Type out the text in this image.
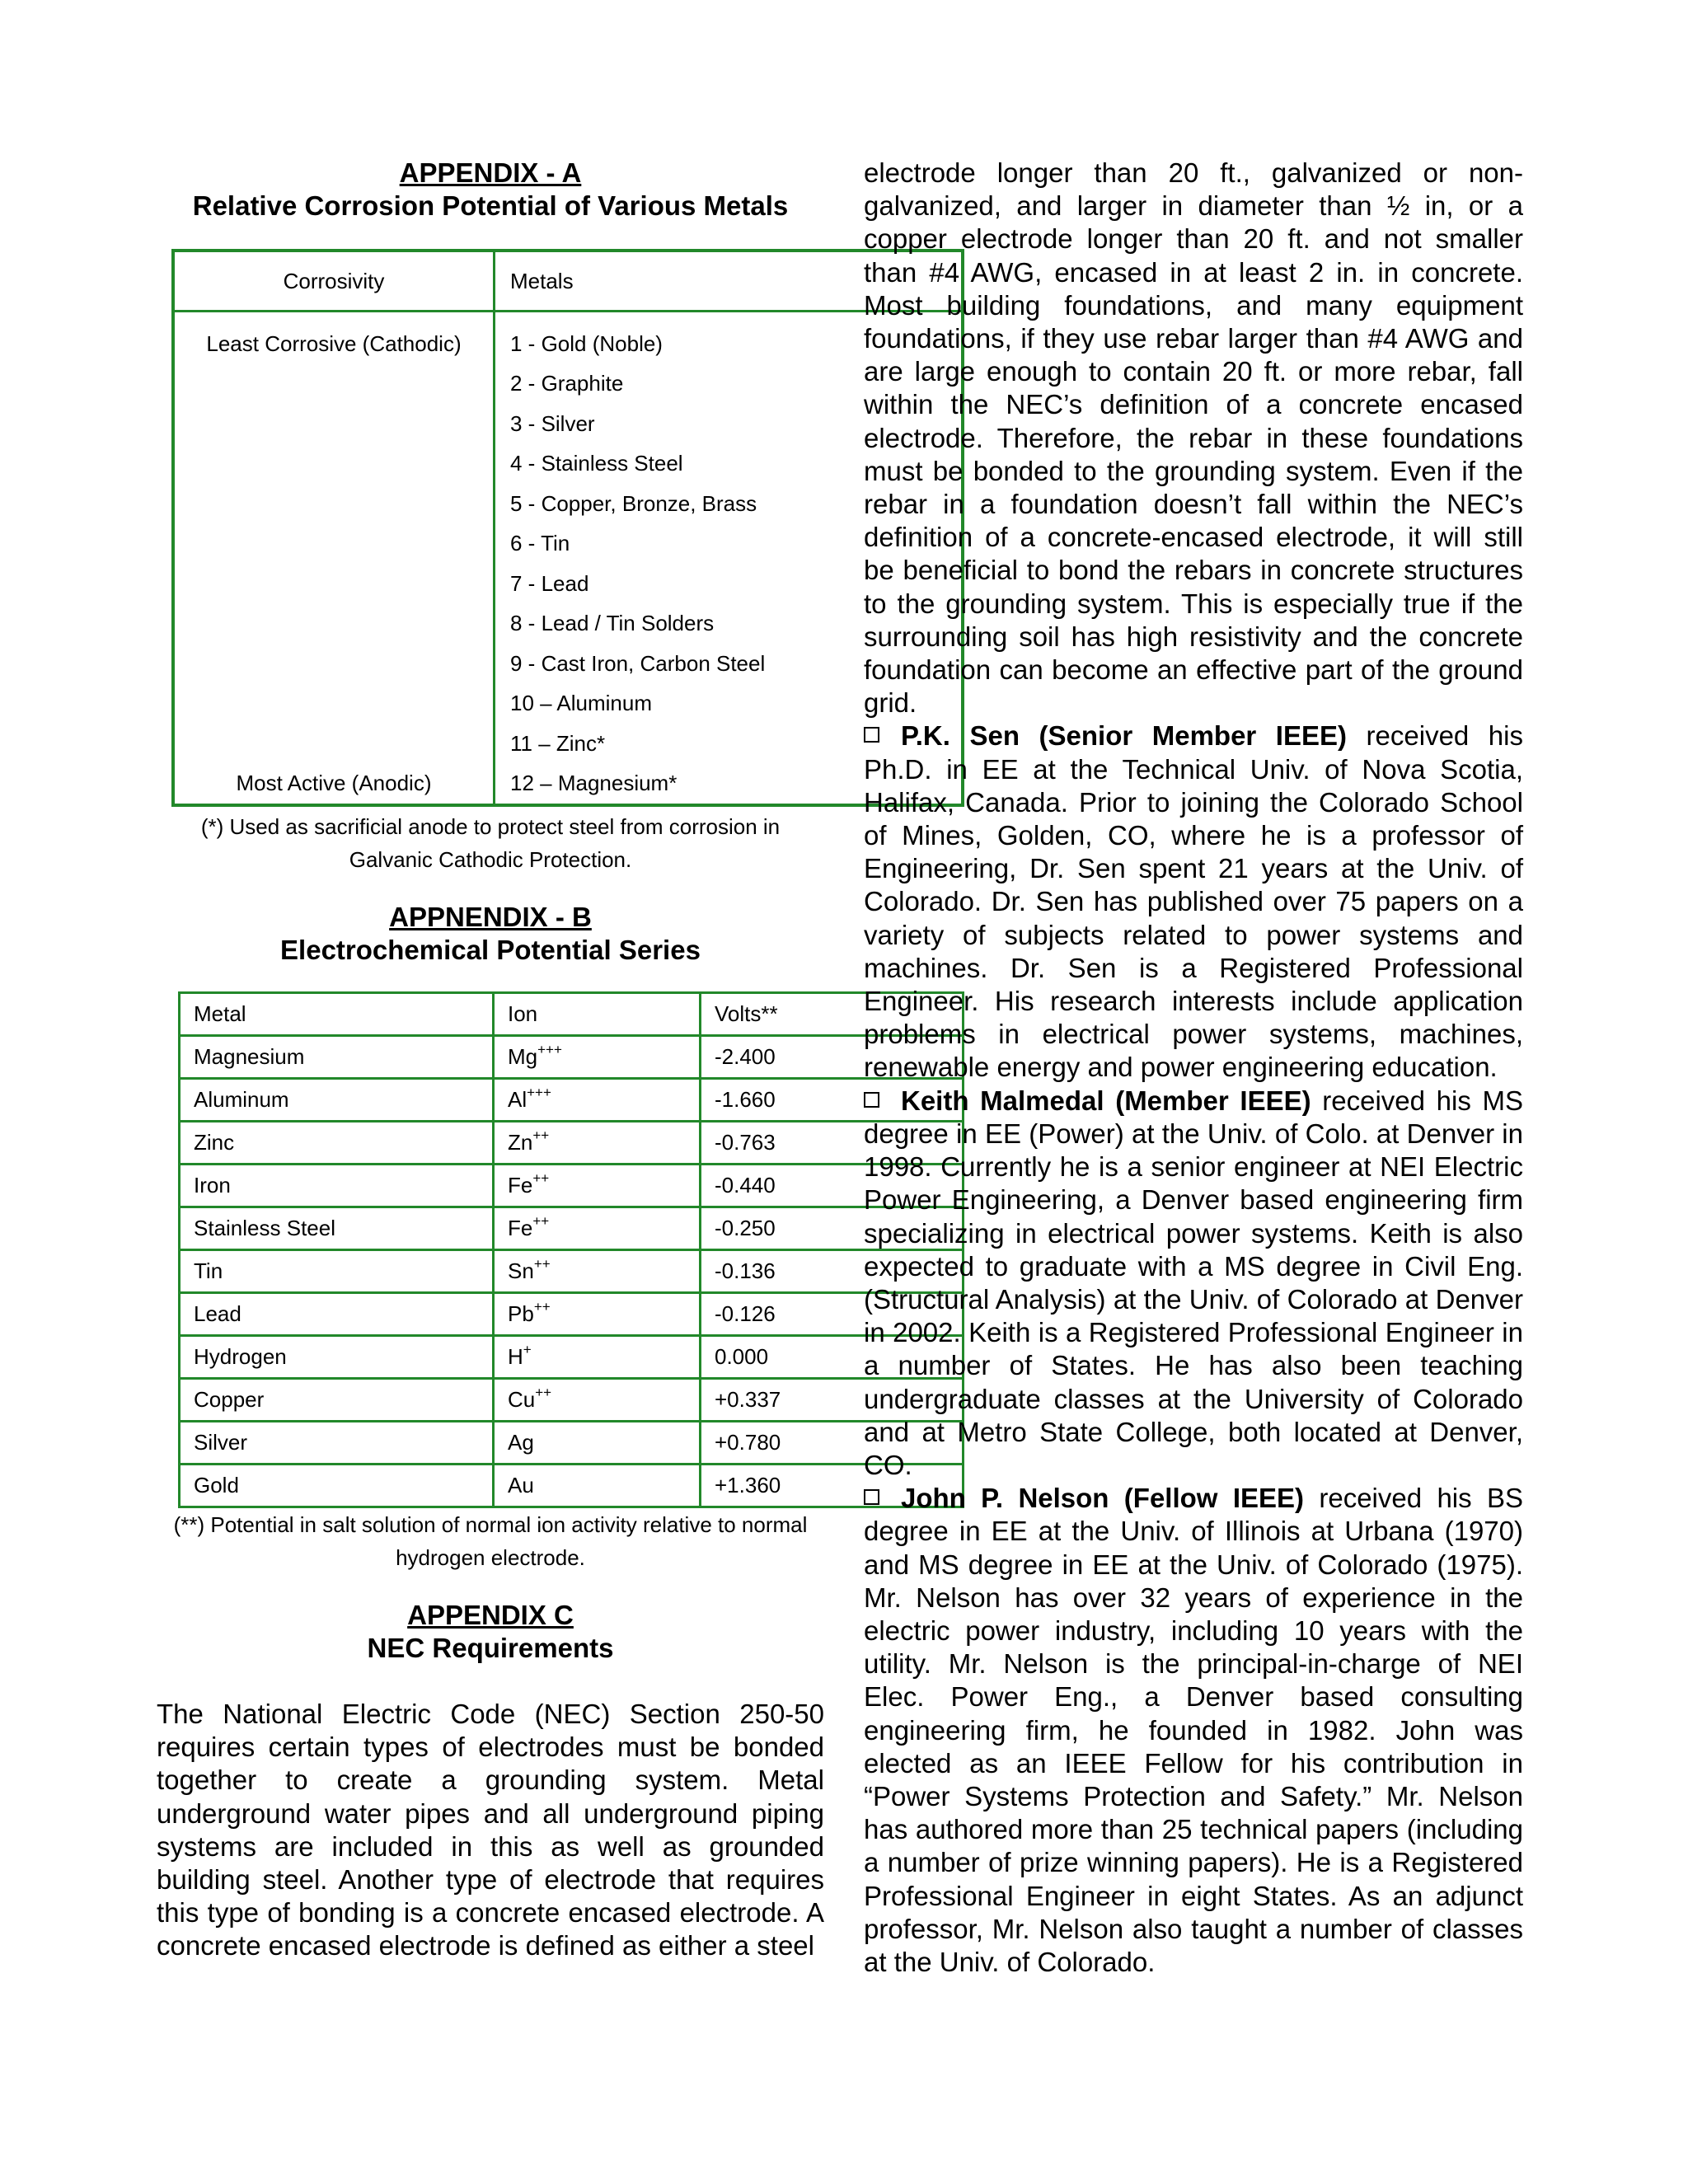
APPENDIX - A
Relative Corrosion Potential of Various Metals
Corrosivity	Metals
Least Corrosive (Cathodic)	1 - Gold (Noble)
	2 - Graphite
	3 - Silver
	4 - Stainless Steel
	5 - Copper, Bronze, Brass
	6 - Tin
	7 - Lead
	8 - Lead / Tin Solders
	9 - Cast Iron, Carbon Steel
	10 – Aluminum
	11 – Zinc*
Most Active (Anodic)	12 – Magnesium*
(*) Used as sacrificial anode to protect steel from corrosion in
Galvanic Cathodic Protection.
APPNENDIX - B
Electrochemical Potential Series
Metal	Ion	Volts**
Magnesium	Mg+++	-2.400
Aluminum	Al+++	-1.660
Zinc	Zn++	-0.763
Iron	Fe++	-0.440
Stainless Steel	Fe++	-0.250
Tin	Sn++	-0.136
Lead	Pb++	-0.126
Hydrogen	H+	0.000
Copper	Cu++	+0.337
Silver	Ag	+0.780
Gold	Au	+1.360
(**) Potential in salt solution of normal ion activity relative to normal
hydrogen electrode.
APPENDIX C
NEC Requirements

The National Electric Code (NEC) Section 250-50 requires certain types of electrodes must be bonded together to create a grounding system. Metal underground water pipes and all underground piping systems are included in this as well as grounded building steel. Another type of electrode that requires this type of bonding is a concrete encased electrode. A concrete encased electrode is defined as either a steel

electrode longer than 20 ft., galvanized or non-galvanized, and larger in diameter than ½ in, or a copper electrode longer than 20 ft. and not smaller than #4 AWG, encased in at least 2 in. in concrete. Most building foundations, and many equipment foundations, if they use rebar larger than #4 AWG and are large enough to contain 20 ft. or more rebar, fall within the NEC’s definition of a concrete encased electrode. Therefore, the rebar in these foundations must be bonded to the grounding system. Even if the rebar in a foundation doesn’t fall within the NEC’s definition of a concrete-encased electrode, it will still be beneficial to bond the rebars in concrete structures to the grounding system. This is especially true if the surrounding soil has high resistivity and the concrete foundation can become an effective part of the ground grid.

P.K. Sen (Senior Member IEEE) received his Ph.D. in EE at the Technical Univ. of Nova Scotia, Halifax, Canada. Prior to joining the Colorado School of Mines, Golden, CO, where he is a professor of Engineering, Dr. Sen spent 21 years at the Univ. of Colorado. Dr. Sen has published over 75 papers on a variety of subjects related to power systems and machines. Dr. Sen is a Registered Professional Engineer. His research interests include application problems in electrical power systems, machines, renewable energy and power engineering education.

Keith Malmedal (Member IEEE) received his MS degree in EE (Power) at the Univ. of Colo. at Denver in 1998. Currently he is a senior engineer at NEI Electric Power Engineering, a Denver based engineering firm specializing in electrical power systems. Keith is also expected to graduate with a MS degree in Civil Eng. (Structural Analysis) at the Univ. of Colorado at Denver in 2002. Keith is a Registered Professional Engineer in a number of States. He has also been teaching undergraduate classes at the University of Colorado and at Metro State College, both located at Denver, CO.

John P. Nelson (Fellow IEEE) received his BS degree in EE at the Univ. of Illinois at Urbana (1970) and MS degree in EE at the Univ. of Colorado (1975). Mr. Nelson has over 32 years of experience in the electric power industry, including 10 years with the utility. Mr. Nelson is the principal-in-charge of NEI Elec. Power Eng., a Denver based consulting engineering firm, he founded in 1982. John was elected as an IEEE Fellow for his contribution in “Power Systems Protection and Safety.” Mr. Nelson has authored more than 25 technical papers (including a number of prize winning papers). He is a Registered Professional Engineer in eight States. As an adjunct professor, Mr. Nelson also taught a number of classes at the Univ. of Colorado.
